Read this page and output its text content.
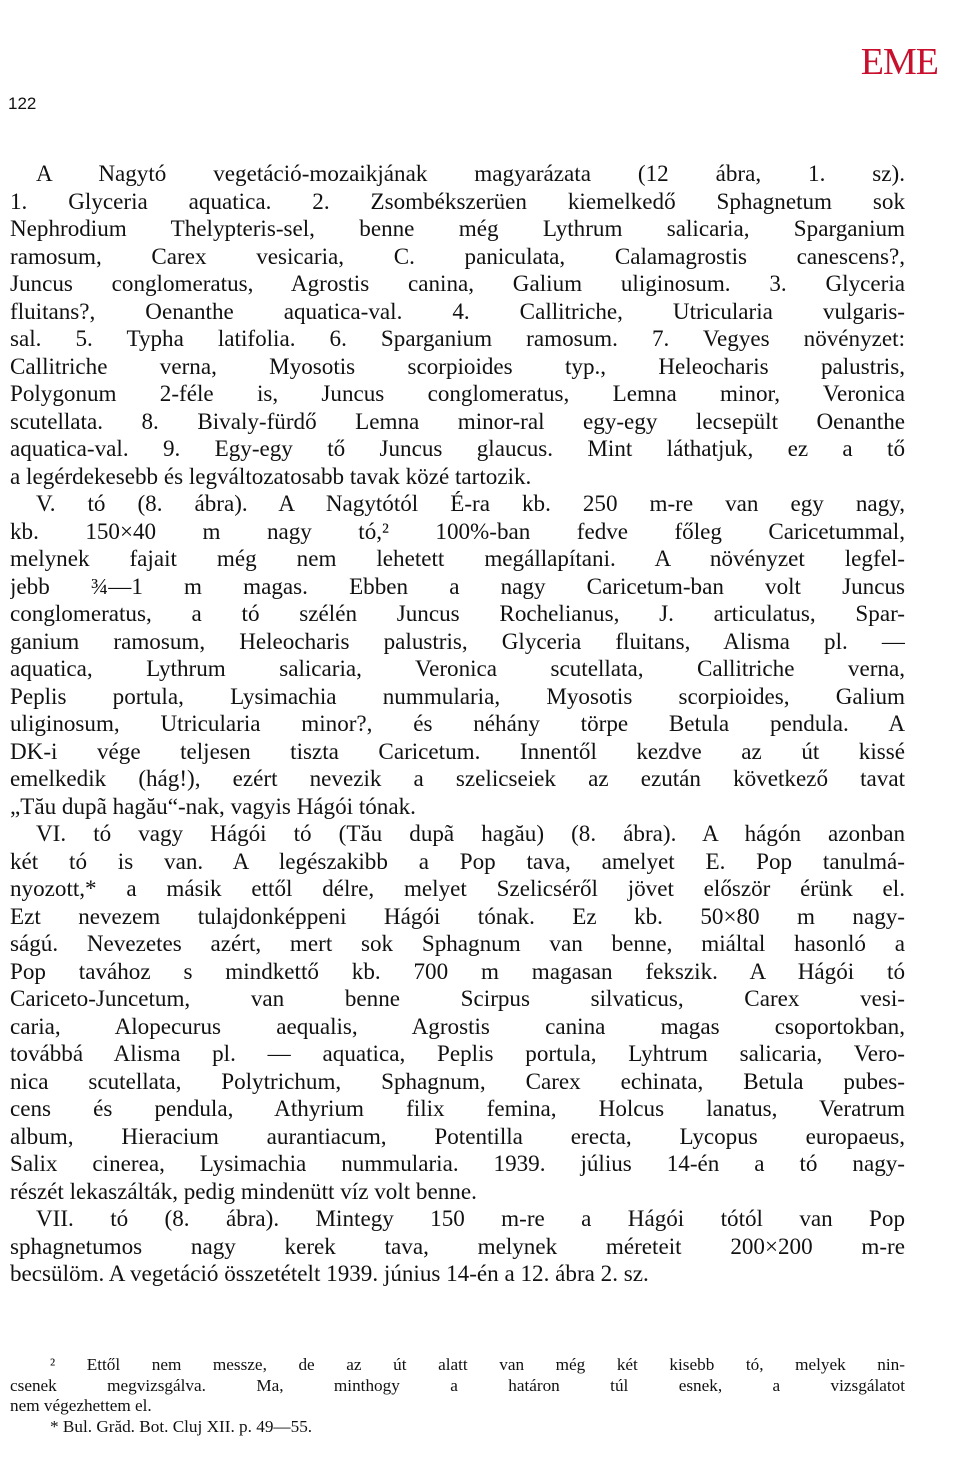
122
EME
A Nagytó vegetáció-mozaikjának magyarázata (12 ábra, 1. sz).
1. Glyceria aquatica. 2. Zsombékszerüen kiemelkedő Sphagnetum sok
Nephrodium Thelypteris-sel, benne még Lythrum salicaria, Sparganium
ramosum, Carex vesicaria, C. paniculata, Calamagrostis canescens?,
Juncus conglomeratus, Agrostis canina, Galium uliginosum. 3. Glyceria
fluitans?, Oenanthe aquatica-val. 4. Callitriche, Utricularia vulgaris-
sal. 5. Typha latifolia. 6. Sparganium ramosum. 7. Vegyes növényzet:
Callitriche verna, Myosotis scorpioides typ., Heleocharis palustris,
Polygonum 2-féle is, Juncus conglomeratus, Lemna minor, Veronica
scutellata. 8. Bivaly-fürdő Lemna minor-ral egy-egy lecsepült Oenanthe
aquatica-val. 9. Egy-egy tő Juncus glaucus. Mint láthatjuk, ez a tő
a legérdekesebb és legváltozatosabb tavak közé tartozik.
V. tó (8. ábra). A Nagytótól É-ra kb. 250 m-re van egy nagy,
kb. 150×40 m nagy tó,² 100%-ban fedve főleg Caricetummal,
melynek fajait még nem lehetett megállapítani. A növényzet legfel-
jebb ¾—1 m magas. Ebben a nagy Caricetum-ban volt Juncus
conglomeratus, a tó szélén Juncus Rochelianus, J. articulatus, Spar-
ganium ramosum, Heleocharis palustris, Glyceria fluitans, Alisma pl. —
aquatica, Lythrum salicaria, Veronica scutellata, Callitriche verna,
Peplis portula, Lysimachia nummularia, Myosotis scorpioides, Galium
uliginosum, Utricularia minor?, és néhány törpe Betula pendula. A
DK-i vége teljesen tiszta Caricetum. Innentől kezdve az út kissé
emelkedik (hág!), ezért nevezik a szelicseiek az ezután következő tavat
„Tău dupã hagău“-nak, vagyis Hágói tónak.
VI. tó vagy Hágói tó (Tău dupã hagău) (8. ábra). A hágón azonban
két tó is van. A legészakibb a Pop tava, amelyet E. Pop tanulmá-
nyozott,* a másik ettől délre, melyet Szelicséről jövet először érünk el.
Ezt nevezem tulajdonképpeni Hágói tónak. Ez kb. 50×80 m nagy-
ságú. Nevezetes azért, mert sok Sphagnum van benne, miáltal hasonló a
Pop tavához s mindkettő kb. 700 m magasan fekszik. A Hágói tó
Cariceto-Juncetum, van benne Scirpus silvaticus, Carex vesi-
caria, Alopecurus aequalis, Agrostis canina magas csoportokban,
továbbá Alisma pl. — aquatica, Peplis portula, Lyhtrum salicaria, Vero-
nica scutellata, Polytrichum, Sphagnum, Carex echinata, Betula pubes-
cens és pendula, Athyrium filix femina, Holcus lanatus, Veratrum
album, Hieracium aurantiacum, Potentilla erecta, Lycopus europaeus,
Salix cinerea, Lysimachia nummularia. 1939. július 14-én a tó nagy-
részét lekaszálták, pedig mindenütt víz volt benne.
VII. tó (8. ábra). Mintegy 150 m-re a Hágói tótól van Pop
sphagnetumos nagy kerek tava, melynek méreteit 200×200 m-re
becsülöm. A vegetáció összetételt 1939. június 14-én a 12. ábra 2. sz.
² Ettől nem messze, de az út alatt van még két kisebb tó, melyek nin-
csenek megvizsgálva. Ma, minthogy a határon túl esnek, a vizsgálatot
nem végezhettem el.
* Bul. Grăd. Bot. Cluj XII. p. 49—55.
